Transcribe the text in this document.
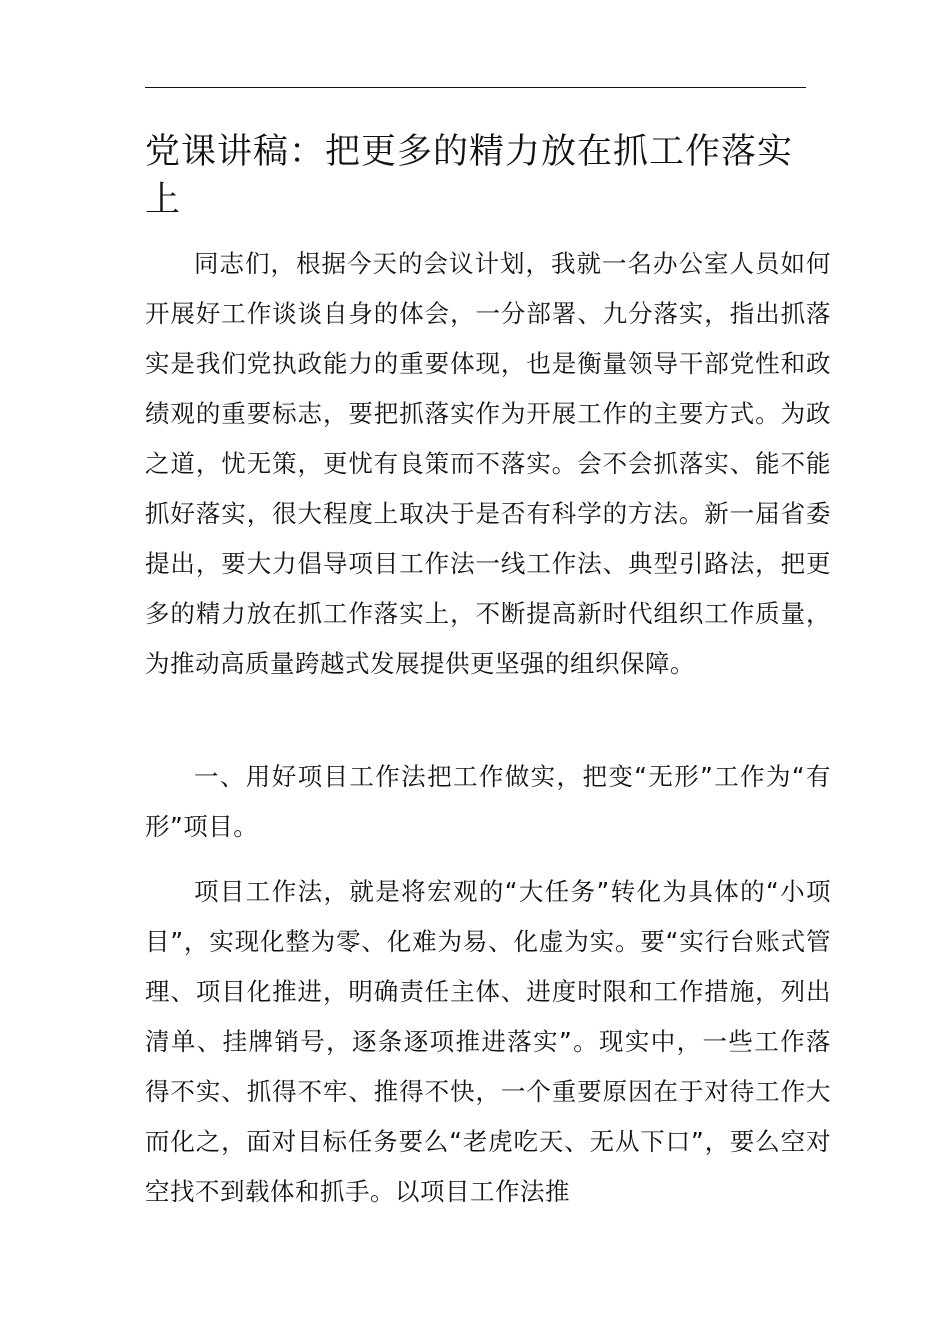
党课讲稿：把更多的精力放在抓工作落实上

同志们，根据今天的会议计划，我就一名办公室人员如何开展好工作谈谈自身的体会，一分部署、九分落实，指出抓落实是我们党执政能力的重要体现，也是衡量领导干部党性和政绩观的重要标志，要把抓落实作为开展工作的主要方式。为政之道，忧无策，更忧有良策而不落实。会不会抓落实、能不能抓好落实，很大程度上取决于是否有科学的方法。新一届省委提出，要大力倡导项目工作法一线工作法、典型引路法，把更多的精力放在抓工作落实上，不断提高新时代组织工作质量，为推动高质量跨越式发展提供更坚强的组织保障。

一、用好项目工作法把工作做实，把变“无形”工作为“有形”项目。

项目工作法，就是将宏观的“大任务”转化为具体的“小项目”，实现化整为零、化难为易、化虚为实。要“实行台账式管理、项目化推进，明确责任主体、进度时限和工作措施，列出清单、挂牌销号，逐条逐项推进落实”。现实中，一些工作落得不实、抓得不牢、推得不快，一个重要原因在于对待工作大而化之，面对目标任务要么“老虎吃天、无从下口”，要么空对空找不到载体和抓手。以项目工作法推
